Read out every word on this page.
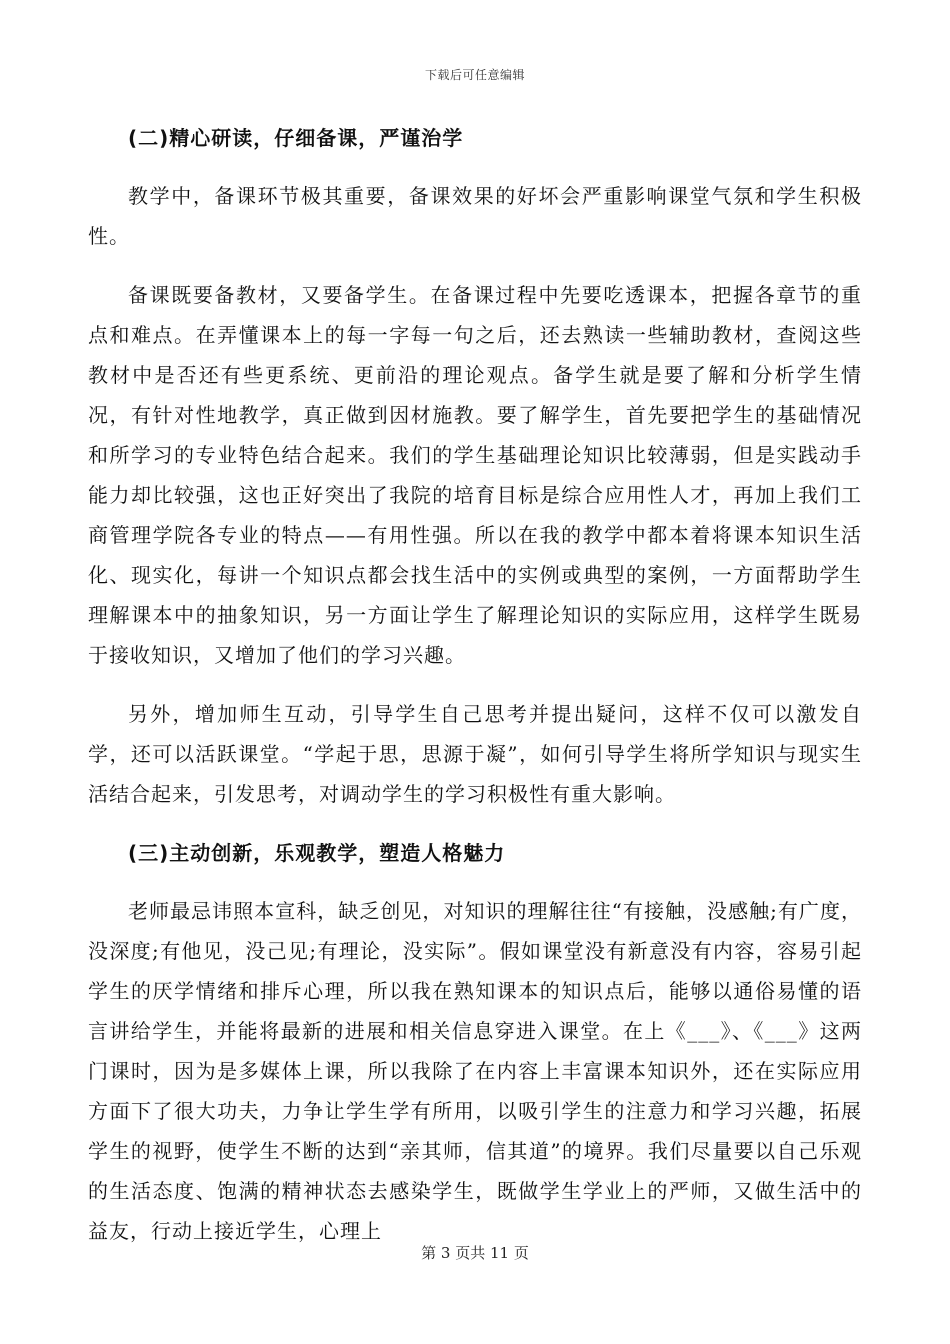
下载后可任意编辑
(二)精心研读，仔细备课，严谨治学

教学中，备课环节极其重要，备课效果的好坏会严重影响课堂气氛和学生积极性。

备课既要备教材，又要备学生。在备课过程中先要吃透课本，把握各章节的重点和难点。在弄懂课本上的每一字每一句之后，还去熟读一些辅助教材，查阅这些教材中是否还有些更系统、更前沿的理论观点。备学生就是要了解和分析学生情况，有针对性地教学，真正做到因材施教。要了解学生，首先要把学生的基础情况和所学习的专业特色结合起来。我们的学生基础理论知识比较薄弱，但是实践动手能力却比较强，这也正好突出了我院的培育目标是综合应用性人才，再加上我们工商管理学院各专业的特点——有用性强。所以在我的教学中都本着将课本知识生活化、现实化，每讲一个知识点都会找生活中的实例或典型的案例，一方面帮助学生理解课本中的抽象知识，另一方面让学生了解理论知识的实际应用，这样学生既易于接收知识，又增加了他们的学习兴趣。

另外，增加师生互动，引导学生自己思考并提出疑问，这样不仅可以激发自学，还可以活跃课堂。“学起于思，思源于凝”，如何引导学生将所学知识与现实生活结合起来，引发思考，对调动学生的学习积极性有重大影响。

(三)主动创新，乐观教学，塑造人格魅力

老师最忌讳照本宣科，缺乏创见，对知识的理解往往“有接触，没感触;有广度，没深度;有他见，没己见;有理论，没实际”。假如课堂没有新意没有内容，容易引起学生的厌学情绪和排斥心理，所以我在熟知课本的知识点后，能够以通俗易懂的语言讲给学生，并能将最新的进展和相关信息穿进入课堂。在上《___》、《___》这两门课时，因为是多媒体上课，所以我除了在内容上丰富课本知识外，还在实际应用方面下了很大功夫，力争让学生学有所用，以吸引学生的注意力和学习兴趣，拓展学生的视野，使学生不断的达到“亲其师，信其道”的境界。我们尽量要以自己乐观的生活态度、饱满的精神状态去感染学生，既做学生学业上的严师，又做生活中的益友，行动上接近学生，心理上

第 3 页共 11 页
